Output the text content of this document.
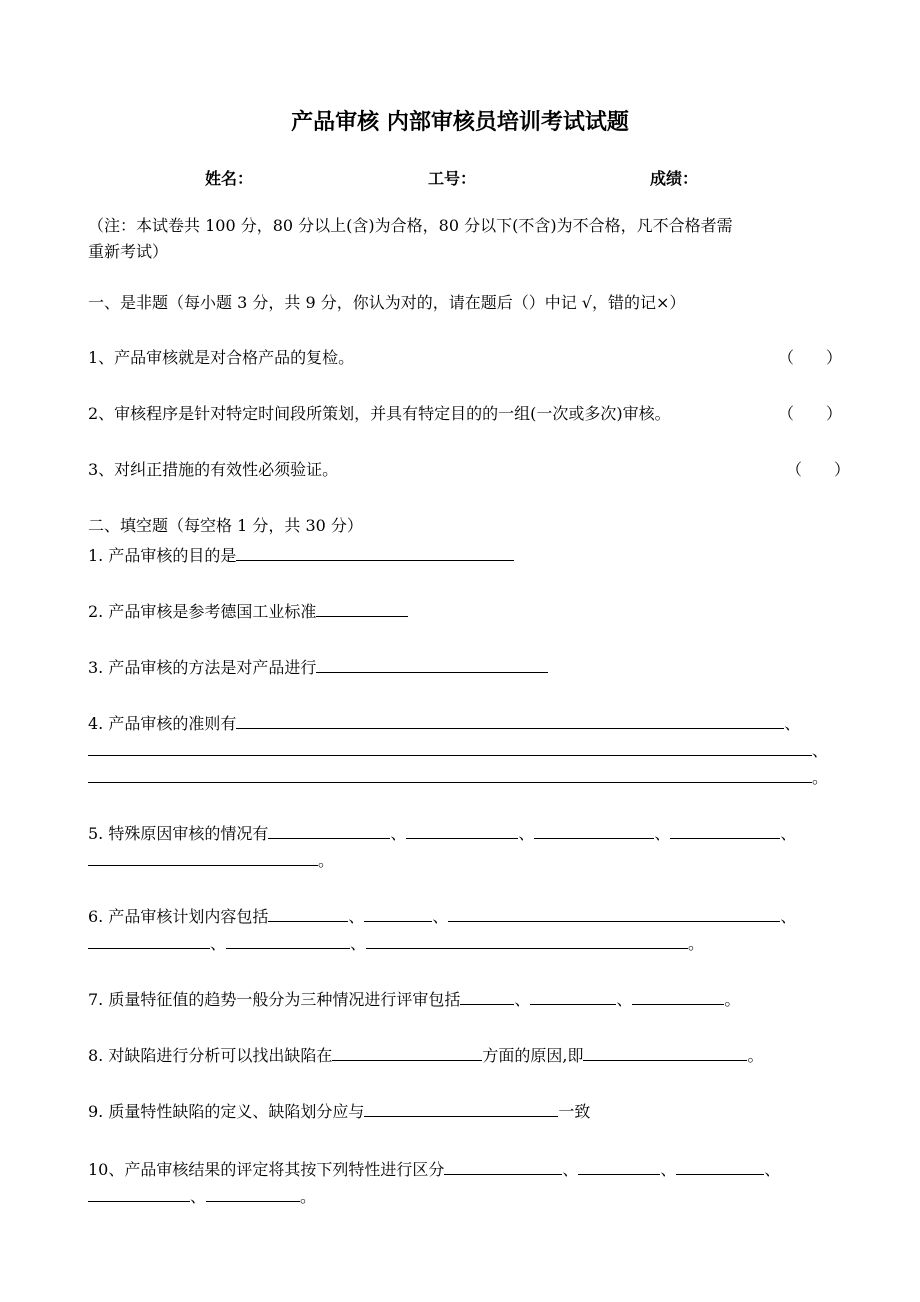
产品审核 内部审核员培训考试试题
姓名：	工号：	成绩：
（注：本试卷共 100 分，80 分以上(含)为合格，80 分以下(不含)为不合格，凡不合格者需
重新考试）
一、是非题（每小题 3 分，共 9 分，你认为对的，请在题后（）中记 √，错的记×）
1、产品审核就是对合格产品的复检。	（　　）
2、审核程序是针对特定时间段所策划，并具有特定目的的一组(一次或多次)审核。	（　　）
3、对纠正措施的有效性必须验证。	（　　）
二、填空题（每空格 1 分，共 30 分）
1. 产品审核的目的是
2. 产品审核是参考德国工业标准
3. 产品审核的方法是对产品进行
4. 产品审核的准则有	、
、
。
5. 特殊原因审核的情况有	、	、	、	、
。
6. 产品审核计划内容包括	、	、	、
、	、	。
7. 质量特征值的趋势一般分为三种情况进行评审包括	、	、	。
8. 对缺陷进行分析可以找出缺陷在	方面的原因,即	。
9. 质量特性缺陷的定义、缺陷划分应与	一致
10、产品审核结果的评定将其按下列特性进行区分	、	、	、
、	。
